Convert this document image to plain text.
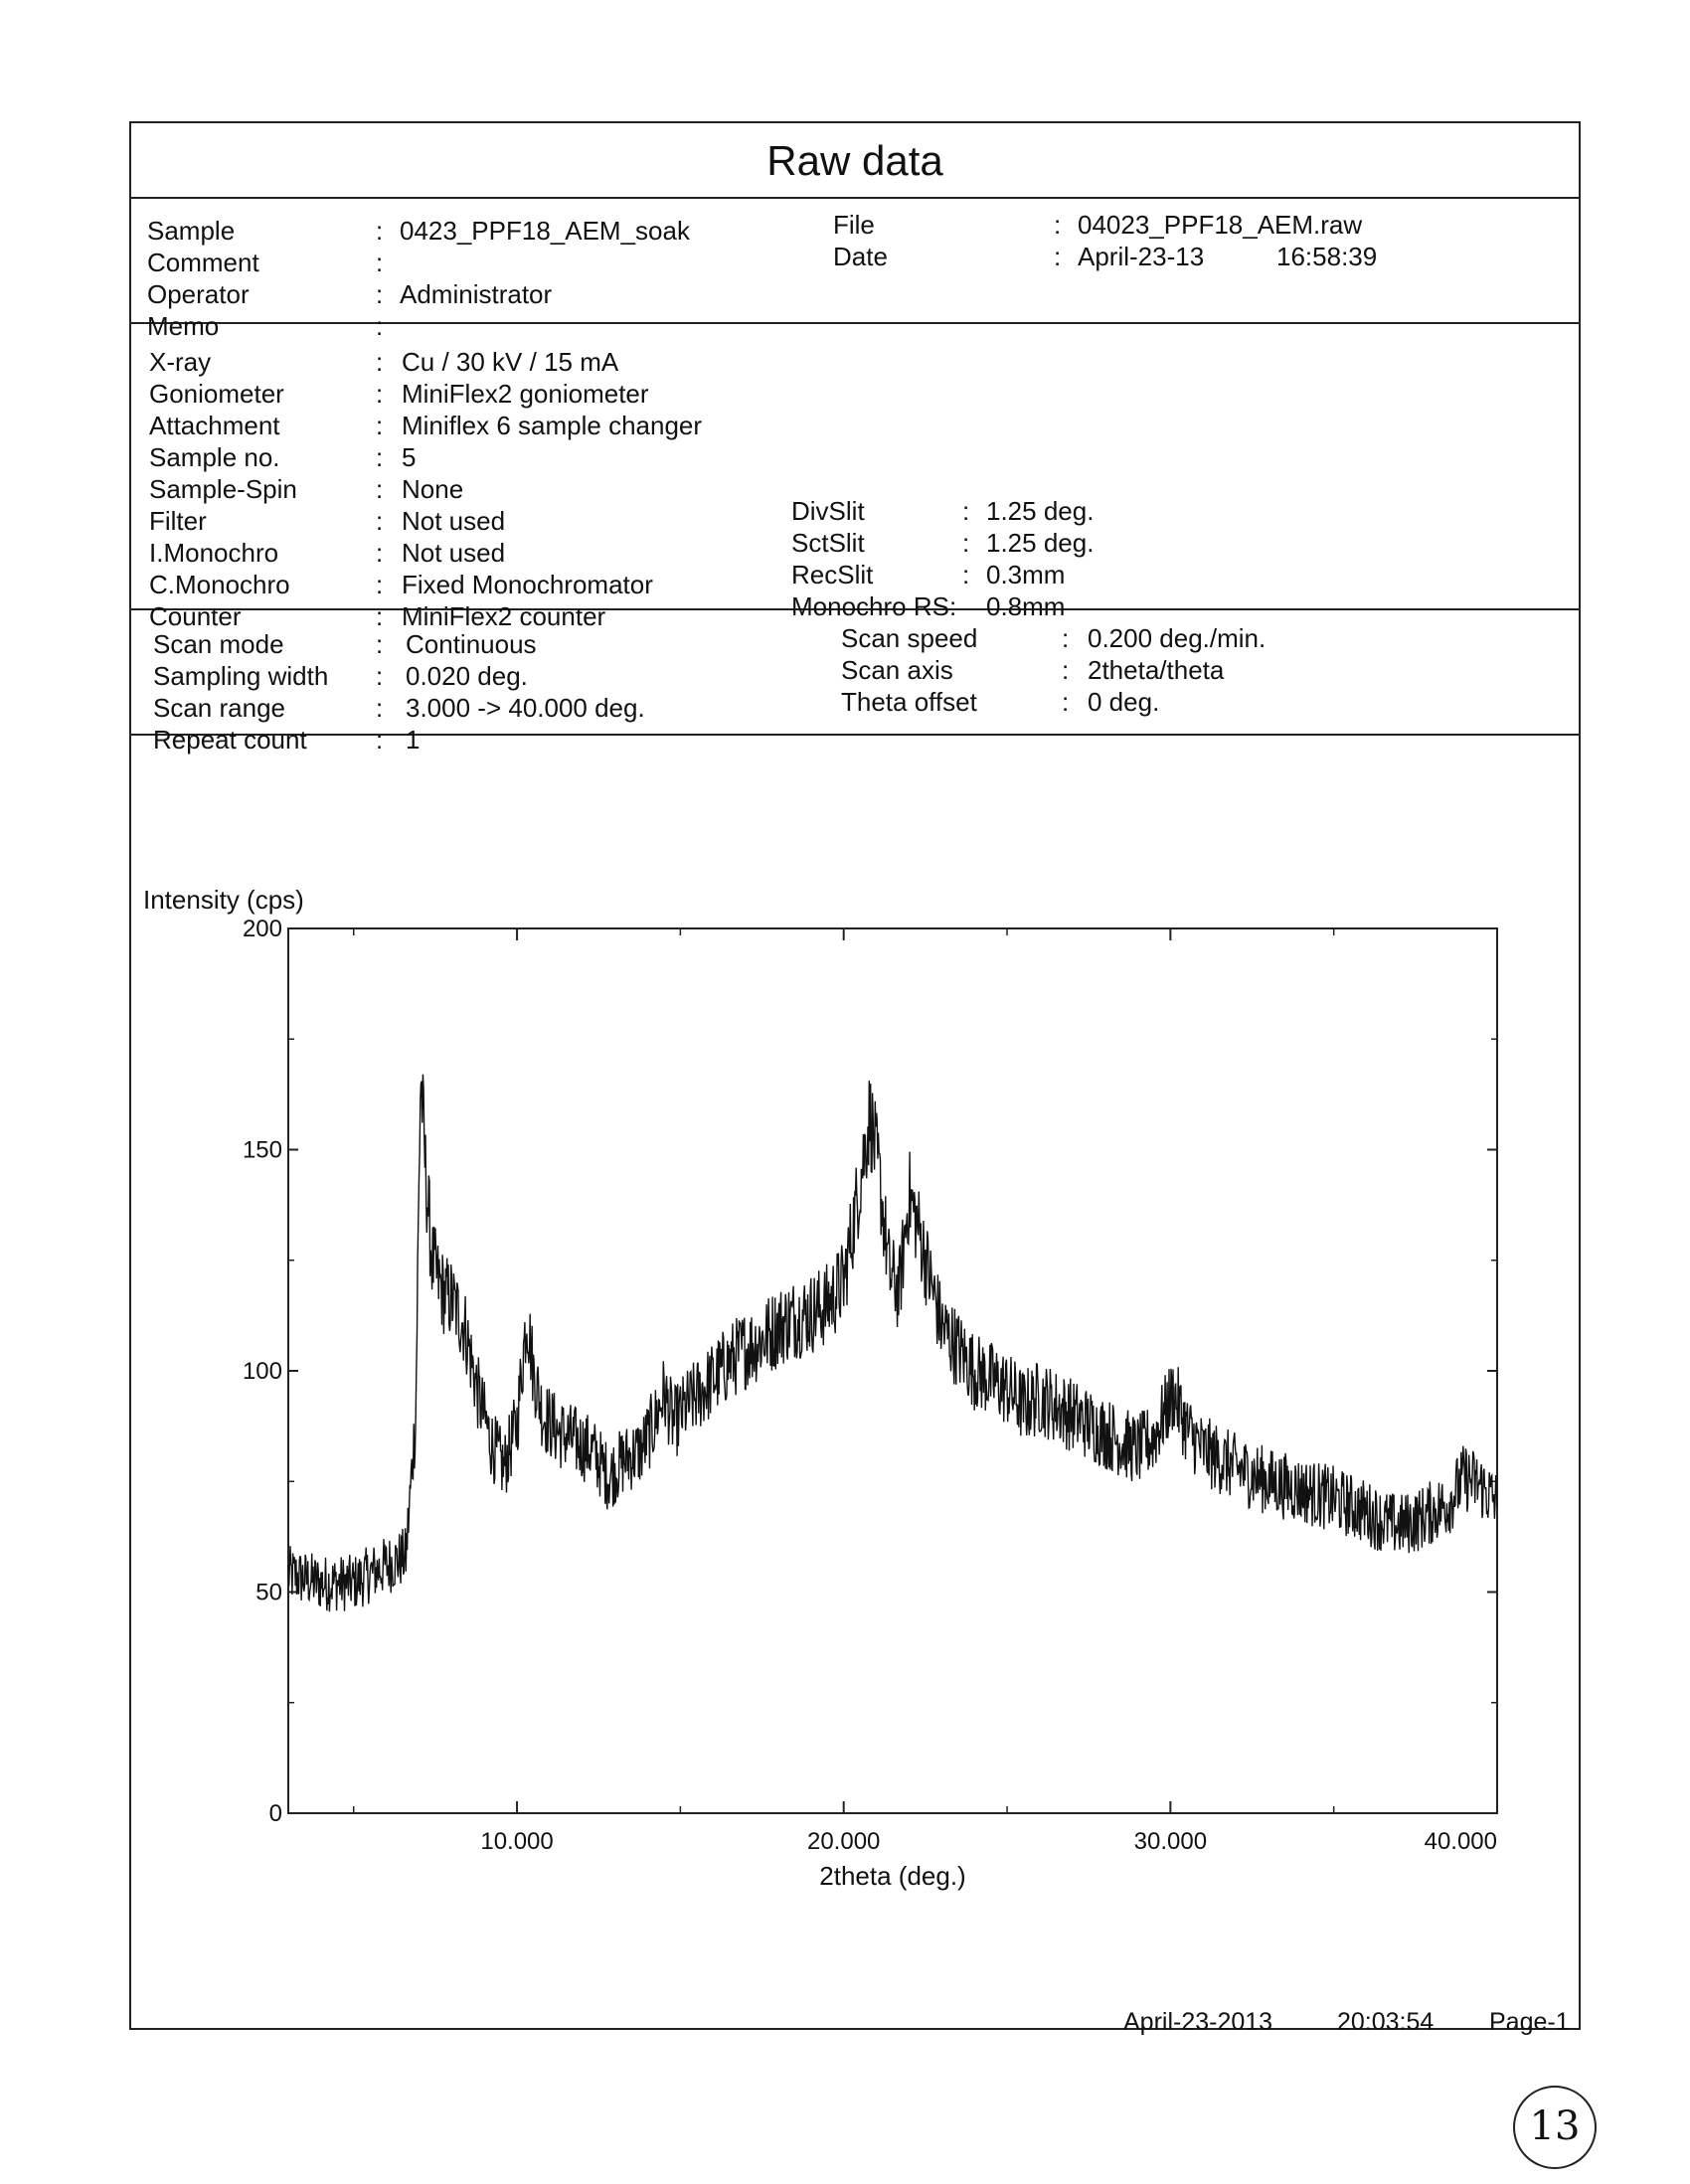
Raw data
Sample	: 0423_PPF18_AEM_soak
Comment	:
Operator	: Administrator
Memo	:
File	: 04023_PPF18_AEM.raw
Date	: April-23-13	16:58:39
X-ray	: Cu / 30 kV / 15 mA
Goniometer	: MiniFlex2 goniometer
Attachment	: Miniflex 6 sample changer
Sample no.	: 5
Sample-Spin	: None
Filter	: Not used
I.Monochro	: Not used
C.Monochro	: Fixed Monochromator
Counter	: MiniFlex2 counter
DivSlit	: 1.25 deg.
SctSlit	: 1.25 deg.
RecSlit	: 0.3mm
Monochro RS: 0.8mm
Scan mode	: Continuous
Sampling width : 0.020 deg.
Scan range	: 3.000 -> 40.000 deg.
Repeat count	: 1
Scan speed	: 0.200 deg./min.
Scan axis	: 2theta/theta
Theta offset	: 0 deg.
0
50
100
150
200
10.000	20.000	30.000	40.000
2theta (deg.)
Intensity (cps)
April-23-2013	20:03:54 Page-1
13
